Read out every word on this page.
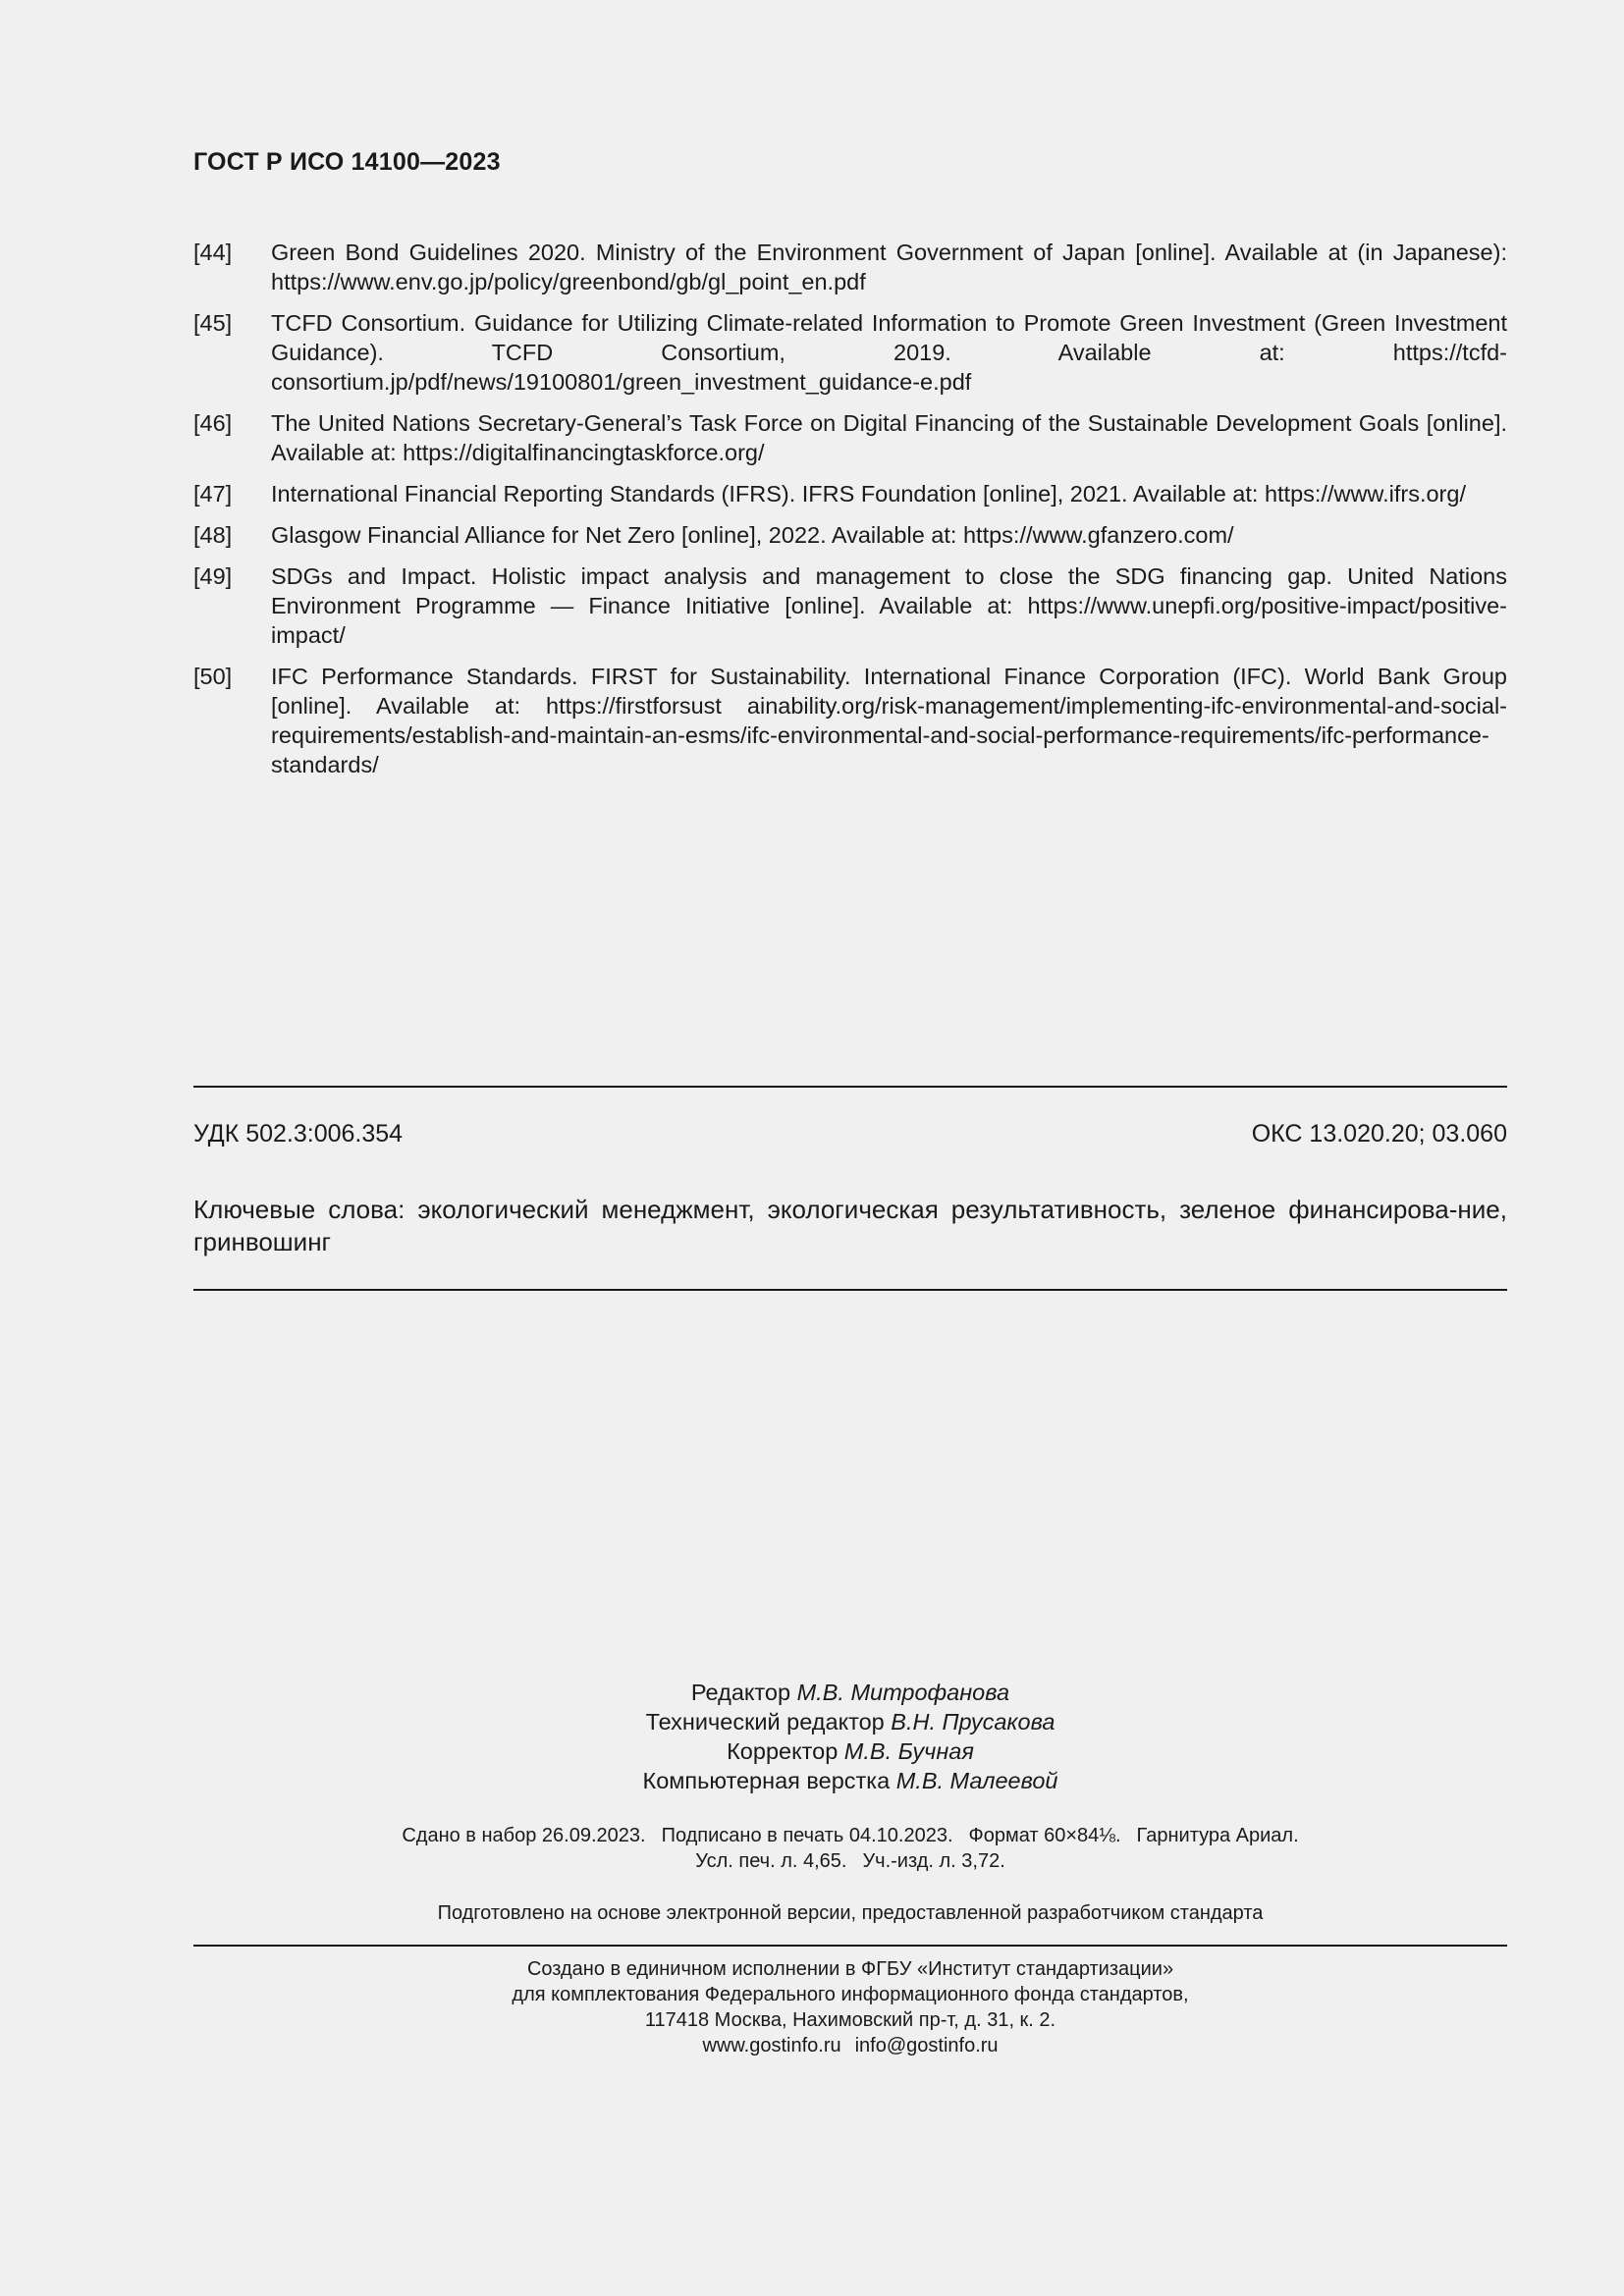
ГОСТ Р ИСО 14100—2023
[44]	Green Bond Guidelines 2020. Ministry of the Environment Government of Japan [online]. Available at (in Japanese): https://www.env.go.jp/policy/greenbond/gb/gl_point_en.pdf
[45]	TCFD Consortium. Guidance for Utilizing Climate-related Information to Promote Green Investment (Green Investment Guidance). TCFD Consortium, 2019. Available at: https://tcfd-consortium.jp/pdf/news/19100801/green_investment_guidance-e.pdf
[46]	The United Nations Secretary-General’s Task Force on Digital Financing of the Sustainable Development Goals [online]. Available at: https://digitalfinancingtaskforce.org/
[47]	International Financial Reporting Standards (IFRS). IFRS Foundation [online], 2021. Available at: https://www.ifrs.org/
[48]	Glasgow Financial Alliance for Net Zero [online], 2022. Available at: https://www.gfanzero.com/
[49]	SDGs and Impact. Holistic impact analysis and management to close the SDG financing gap. United Nations Environment Programme — Finance Initiative [online]. Available at: https://www.unepfi.org/positive-impact/positive-impact/
[50]	IFC Performance Standards. FIRST for Sustainability. International Finance Corporation (IFC). World Bank Group [online]. Available at: https://firstforsust ainability.org/risk-management/implementing-ifc-environmental-and-social-requirements/establish-and-maintain-an-esms/ifc-environmental-and-social-performance-requirements/ifc-performance-standards/
УДК 502.3:006.354	ОКС 13.020.20; 03.060
Ключевые слова: экологический менеджмент, экологическая результативность, зеленое финансирова-ние, гринвошинг
Редактор М.В. Митрофанова
Технический редактор В.Н. Прусакова
Корректор М.В. Бучная
Компьютерная верстка М.В. Малеевой
Сдано в набор 26.09.2023. Подписано в печать 04.10.2023. Формат 60×84⅛. Гарнитура Ариал.
Усл. печ. л. 4,65. Уч.-изд. л. 3,72.
Подготовлено на основе электронной версии, предоставленной разработчиком стандарта
Создано в единичном исполнении в ФГБУ «Институт стандартизации»
для комплектования Федерального информационного фонда стандартов,
117418 Москва, Нахимовский пр-т, д. 31, к. 2.
www.gostinfo.ru info@gostinfo.ru
